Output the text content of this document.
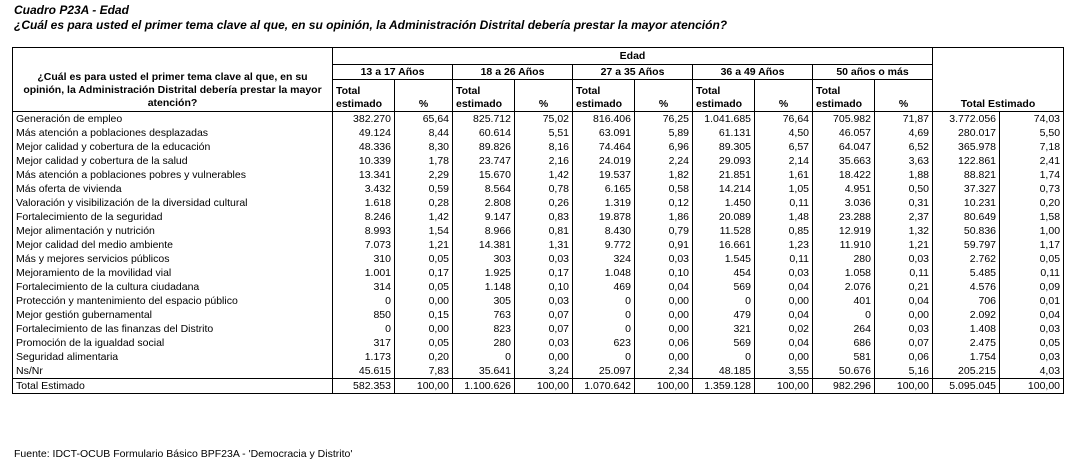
Cuadro P23A - Edad
¿Cuál es para usted el primer tema clave al que, en su opinión, la Administración Distrital debería prestar la mayor atención?
¿Cuál es para usted el primer tema clave al que, en su opinión, la Administración Distrital debería prestar la mayor atención?	Edad										Total Estimado	
	13 a 17 Años		18 a 26 Años		27 a 35 Años		36 a 49 Años		50 años o más			
	Total estimado	%	Total estimado	%	Total estimado	%	Total estimado	%	Total estimado	%		

Generación de empleo	382.270	65,64	825.712	75,02	816.406	76,25	1.041.685	76,64	705.982	71,87	3.772.056	74,03
Más atención a poblaciones desplazadas	49.124	8,44	60.614	5,51	63.091	5,89	61.131	4,50	46.057	4,69	280.017	5,50
Mejor calidad y cobertura de la educación	48.336	8,30	89.826	8,16	74.464	6,96	89.305	6,57	64.047	6,52	365.978	7,18
Mejor calidad y cobertura de la salud	10.339	1,78	23.747	2,16	24.019	2,24	29.093	2,14	35.663	3,63	122.861	2,41
Más atención a poblaciones pobres y vulnerables	13.341	2,29	15.670	1,42	19.537	1,82	21.851	1,61	18.422	1,88	88.821	1,74
Más oferta de vivienda	3.432	0,59	8.564	0,78	6.165	0,58	14.214	1,05	4.951	0,50	37.327	0,73
Valoración y visibilización de la diversidad cultural	1.618	0,28	2.808	0,26	1.319	0,12	1.450	0,11	3.036	0,31	10.231	0,20
Fortalecimiento de la seguridad	8.246	1,42	9.147	0,83	19.878	1,86	20.089	1,48	23.288	2,37	80.649	1,58
Mejor alimentación y nutrición	8.993	1,54	8.966	0,81	8.430	0,79	11.528	0,85	12.919	1,32	50.836	1,00
Mejor calidad del medio ambiente	7.073	1,21	14.381	1,31	9.772	0,91	16.661	1,23	11.910	1,21	59.797	1,17
Más y mejores servicios públicos	310	0,05	303	0,03	324	0,03	1.545	0,11	280	0,03	2.762	0,05
Mejoramiento de la movilidad vial	1.001	0,17	1.925	0,17	1.048	0,10	454	0,03	1.058	0,11	5.485	0,11
Fortalecimiento de la cultura ciudadana	314	0,05	1.148	0,10	469	0,04	569	0,04	2.076	0,21	4.576	0,09
Protección y mantenimiento del espacio público	0	0,00	305	0,03	0	0,00	0	0,00	401	0,04	706	0,01
Mejor gestión gubernamental	850	0,15	763	0,07	0	0,00	479	0,04	0	0,00	2.092	0,04
Fortalecimiento de las finanzas del Distrito	0	0,00	823	0,07	0	0,00	321	0,02	264	0,03	1.408	0,03
Promoción de la igualdad social	317	0,05	280	0,03	623	0,06	569	0,04	686	0,07	2.475	0,05
Seguridad alimentaria	1.173	0,20	0	0,00	0	0,00	0	0,00	581	0,06	1.754	0,03
Ns/Nr	45.615	7,83	35.641	3,24	25.097	2,34	48.185	3,55	50.676	5,16	205.215	4,03
Total Estimado	582.353	100,00	1.100.626	100,00	1.070.642	100,00	1.359.128	100,00	982.296	100,00	5.095.045	100,00
Fuente: IDCT-OCUB Formulario Básico BPF23A - 'Democracia y Distrito'
